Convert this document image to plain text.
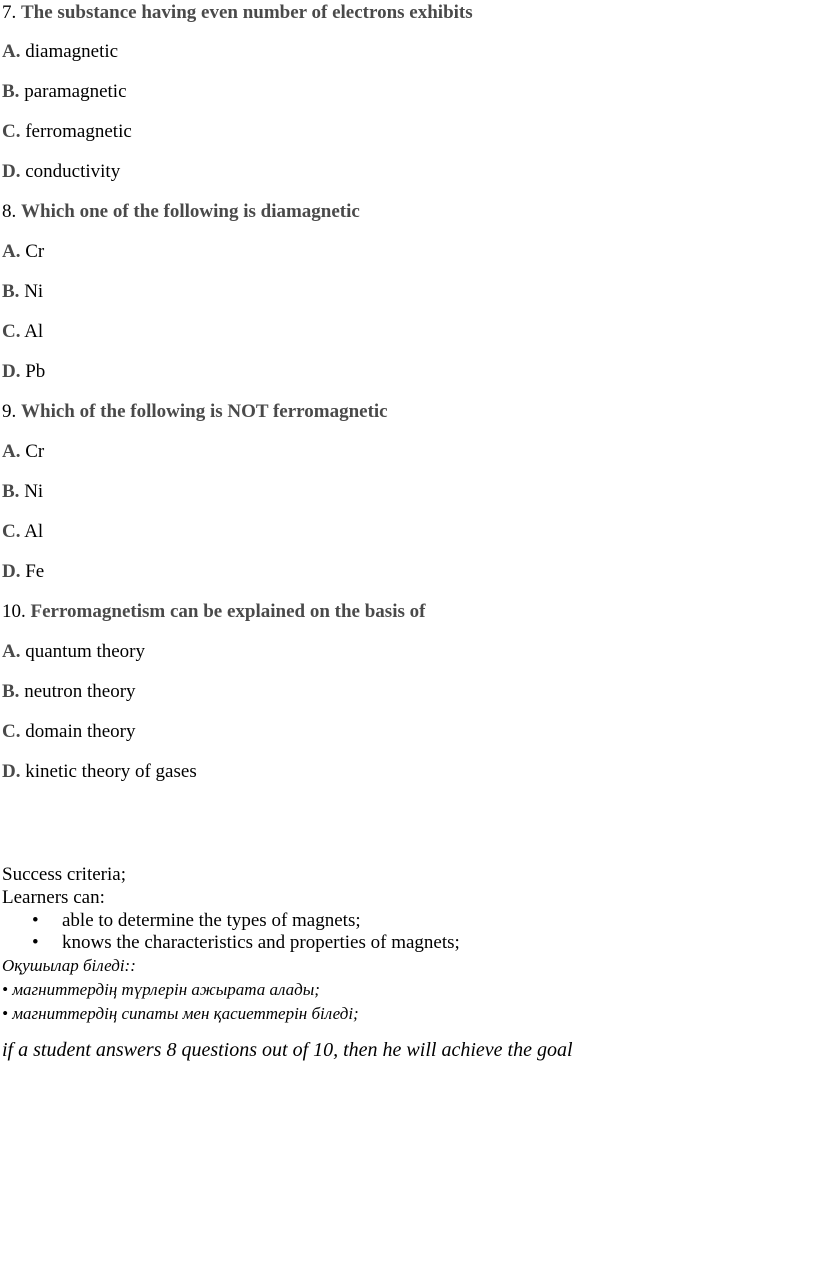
7. The substance having even number of electrons exhibits
A. diamagnetic
B. paramagnetic
C. ferromagnetic
D. conductivity
8. Which one of the following is diamagnetic
A. Cr
B. Ni
C. Al
D. Pb
9. Which of the following is NOT ferromagnetic
A. Cr
B. Ni
C. Al
D. Fe
10. Ferromagnetism can be explained on the basis of
A. quantum theory
B. neutron theory
C. domain theory
D. kinetic theory of gases
Success criteria;
Learners can:
• able to determine the types of magnets;
• knows the characteristics and properties of magnets;
Оқушылар біледі::
• магниттердің түрлерін ажырата алады;
• магниттердің сипаты мен қасиеттерін біледі;
if a student answers 8 questions out of 10, then he will achieve the goal
